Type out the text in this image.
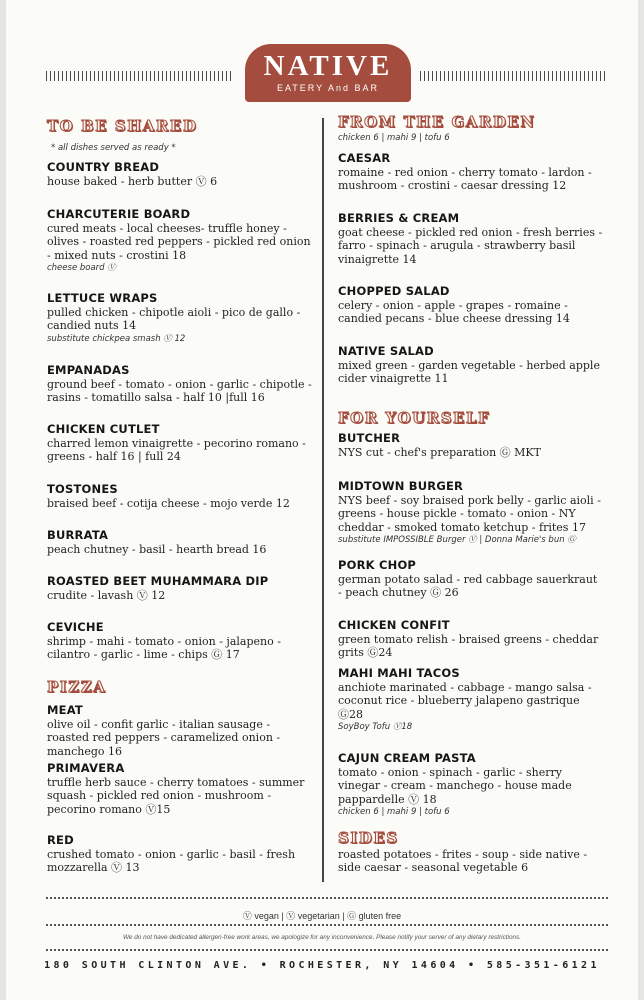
NATIVE
EATERY And BAR
TO BE SHARED
* all dishes served as ready *
COUNTRY BREAD
house baked - herb butter Ⓥ 6
CHARCUTERIE BOARD
cured meats - local cheeses- truffle honey - olives - roasted red peppers - pickled red onion - mixed nuts - crostini 18
cheese board Ⓥ
LETTUCE WRAPS
pulled chicken - chipotle aioli - pico de gallo - candied nuts 14
substitute chickpea smash Ⓥ 12
EMPANADAS
ground beef - tomato - onion - garlic - chipotle - rasins - tomatillo salsa - half 10 |full 16
CHICKEN CUTLET
charred lemon vinaigrette - pecorino romano - greens - half 16 | full 24
TOSTONES
braised beef - cotija cheese - mojo verde 12
BURRATA
peach chutney - basil - hearth bread 16
ROASTED BEET MUHAMMARA DIP
crudite - lavash Ⓥ 12
CEVICHE
shrimp - mahi - tomato - onion - jalapeno - cilantro - garlic - lime - chips Ⓖ 17
PIZZA
MEAT
olive oil - confit garlic - italian sausage - roasted red peppers - caramelized onion - manchego 16
PRIMAVERA
truffle herb sauce - cherry tomatoes - summer squash - pickled red onion - mushroom - pecorino romano Ⓥ15
RED
crushed tomato - onion - garlic - basil - fresh mozzarella Ⓥ 13
FROM THE GARDEN
chicken 6 | mahi 9 | tofu 6
CAESAR
romaine - red onion - cherry tomato - lardon - mushroom - crostini - caesar dressing 12
BERRIES & CREAM
goat cheese - pickled red onion - fresh berries - farro - spinach - arugula - strawberry basil vinaigrette 14
CHOPPED SALAD
celery - onion - apple - grapes - romaine - candied pecans - blue cheese dressing 14
NATIVE SALAD
mixed green - garden vegetable - herbed apple cider vinaigrette 11
FOR YOURSELF
BUTCHER
NYS cut - chef's preparation Ⓖ MKT
MIDTOWN BURGER
NYS beef - soy braised pork belly - garlic aioli - greens - house pickle - tomato - onion - NY cheddar - smoked tomato ketchup - frites 17
substitute IMPOSSIBLE Burger Ⓥ | Donna Marie's bun Ⓖ
PORK CHOP
german potato salad - red cabbage sauerkraut - peach chutney Ⓖ 26
CHICKEN CONFIT
green tomato relish - braised greens - cheddar grits Ⓖ24
MAHI MAHI TACOS
anchiote marinated - cabbage - mango salsa - coconut rice - blueberry jalapeno gastrique Ⓖ28
SoyBoy Tofu Ⓥ18
CAJUN CREAM PASTA
tomato - onion - spinach - garlic - sherry vinegar - cream - manchego - house made pappardelle Ⓥ 18
chicken 6 | mahi 9 | tofu 6
SIDES
roasted potatoes - frites - soup - side native - side caesar - seasonal vegetable 6
Ⓥ vegan | Ⓥ vegetarian | Ⓖ gluten free
We do not have dedicated allergen-free work areas, we apologize for any inconvenience. Please notify your server of any dietary restrictions.
180 SOUTH CLINTON AVE. • ROCHESTER, NY 14604 • 585-351-6121
